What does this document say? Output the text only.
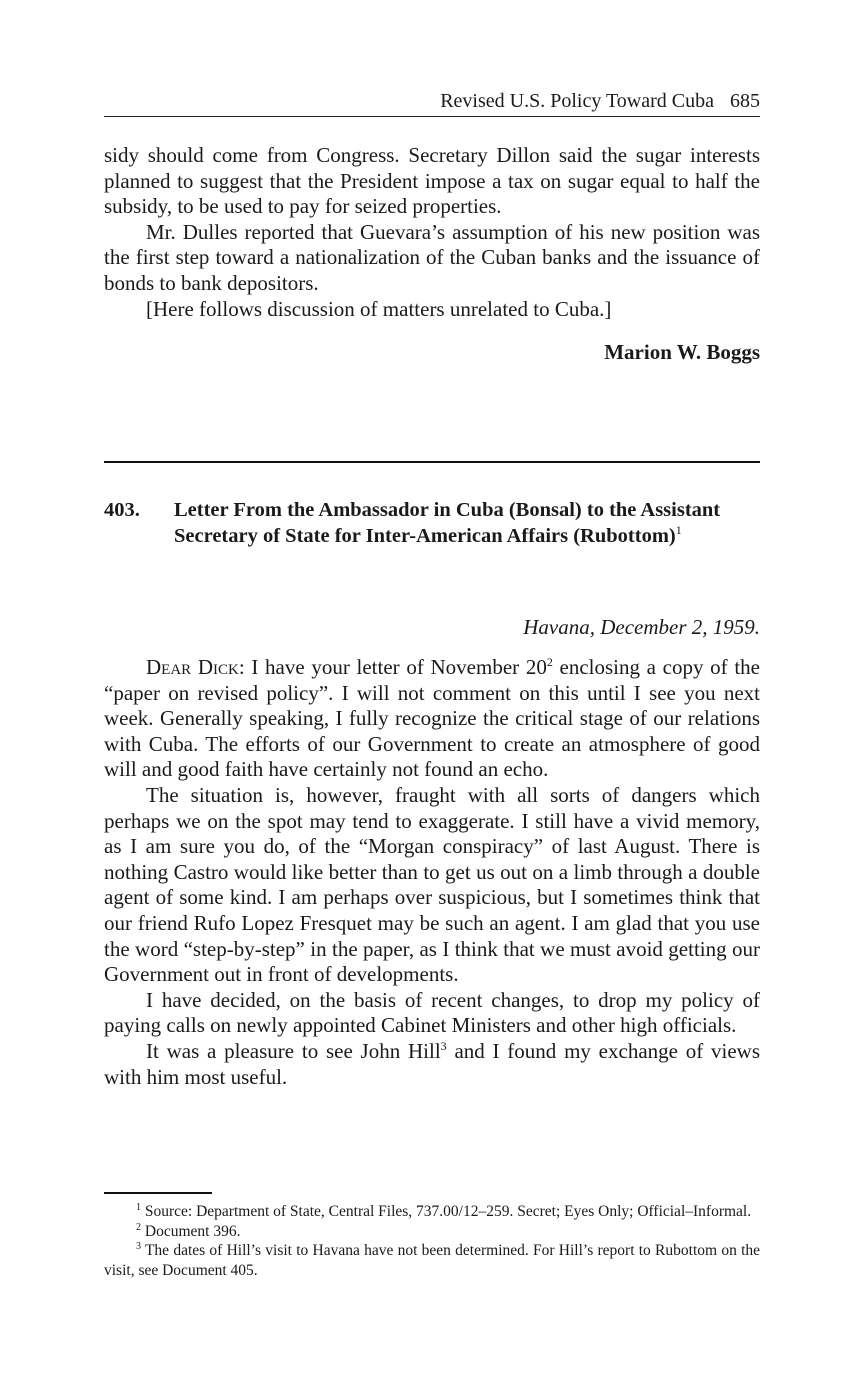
Revised U.S. Policy Toward Cuba 685

sidy should come from Congress. Secretary Dillon said the sugar interests planned to suggest that the President impose a tax on sugar equal to half the subsidy, to be used to pay for seized properties.

Mr. Dulles reported that Guevara’s assumption of his new position was the first step toward a nationalization of the Cuban banks and the issuance of bonds to bank depositors.

[Here follows discussion of matters unrelated to Cuba.]

Marion W. Boggs
403. Letter From the Ambassador in Cuba (Bonsal) to the Assistant Secretary of State for Inter-American Affairs (Rubottom)$^1$
Havana, December 2, 1959.

Dear Dick: I have your letter of November $20^2$ enclosing a copy of the “paper on revised policy”. I will not comment on this until I see you next week. Generally speaking, I fully recognize the critical stage of our relations with Cuba. The efforts of our Government to create an atmosphere of good will and good faith have certainly not found an echo.

The situation is, however, fraught with all sorts of dangers which perhaps we on the spot may tend to exaggerate. I still have a vivid memory, as I am sure you do, of the “Morgan conspiracy” of last August. There is nothing Castro would like better than to get us out on a limb through a double agent of some kind. I am perhaps over suspicious, but I sometimes think that our friend Rufo Lopez Fresquet may be such an agent. I am glad that you use the word “step-by-step” in the paper, as I think that we must avoid getting our Government out in front of developments.

I have decided, on the basis of recent changes, to drop my policy of paying calls on newly appointed Cabinet Ministers and other high officials.

It was a pleasure to see John Hill$^3$ and I found my exchange of views with him most useful.

$^1$ Source: Department of State, Central Files, 737.00/12–259. Secret; Eyes Only; Official–Informal.

$^2$ Document 396.

$^3$ The dates of Hill’s visit to Havana have not been determined. For Hill’s report to Rubottom on the visit, see Document 405.
